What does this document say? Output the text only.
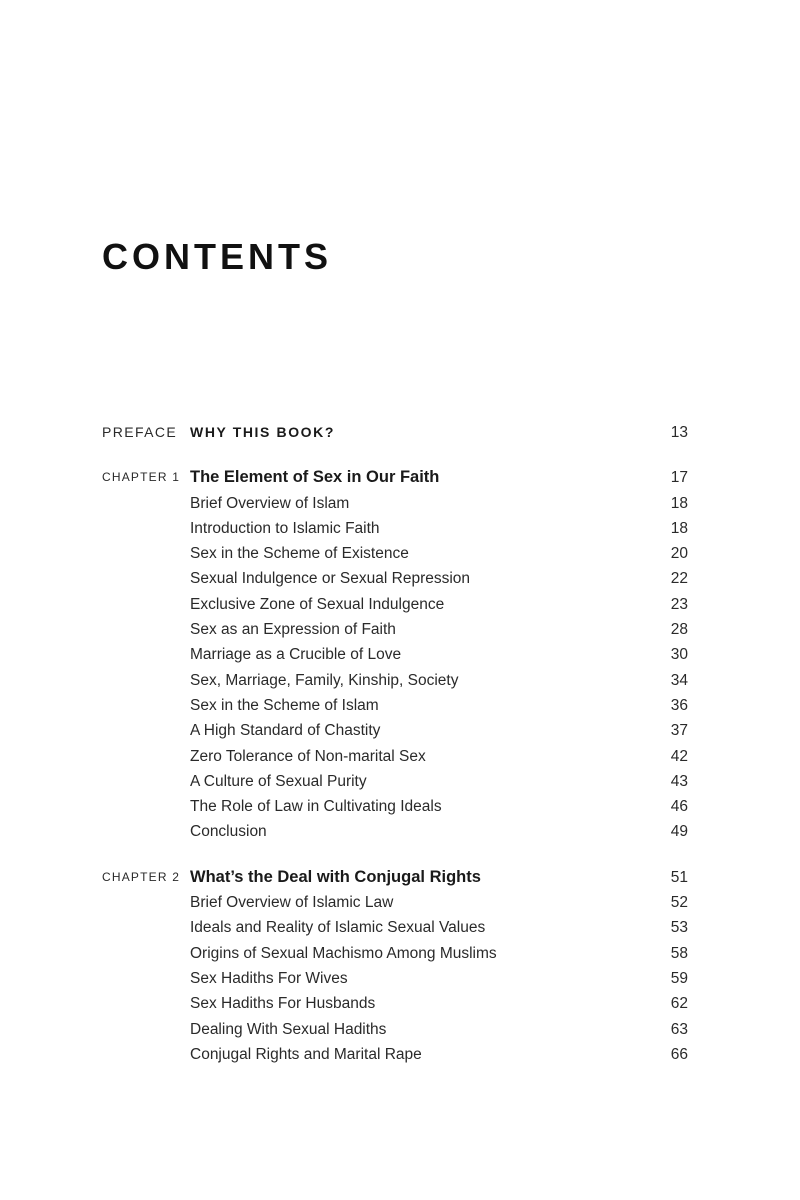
CONTENTS
PREFACE WHY THIS BOOK?	13
CHAPTER 1 The Element of Sex in Our Faith	17
Brief Overview of Islam	18
Introduction to Islamic Faith	18
Sex in the Scheme of Existence	20
Sexual Indulgence or Sexual Repression	22
Exclusive Zone of Sexual Indulgence	23
Sex as an Expression of Faith	28
Marriage as a Crucible of Love	30
Sex, Marriage, Family, Kinship, Society	34
Sex in the Scheme of Islam	36
A High Standard of Chastity	37
Zero Tolerance of Non-marital Sex	42
A Culture of Sexual Purity	43
The Role of Law in Cultivating Ideals	46
Conclusion	49
CHAPTER 2 What’s the Deal with Conjugal Rights	51
Brief Overview of Islamic Law	52
Ideals and Reality of Islamic Sexual Values	53
Origins of Sexual Machismo Among Muslims	58
Sex Hadiths For Wives	59
Sex Hadiths For Husbands	62
Dealing With Sexual Hadiths	63
Conjugal Rights and Marital Rape	66
